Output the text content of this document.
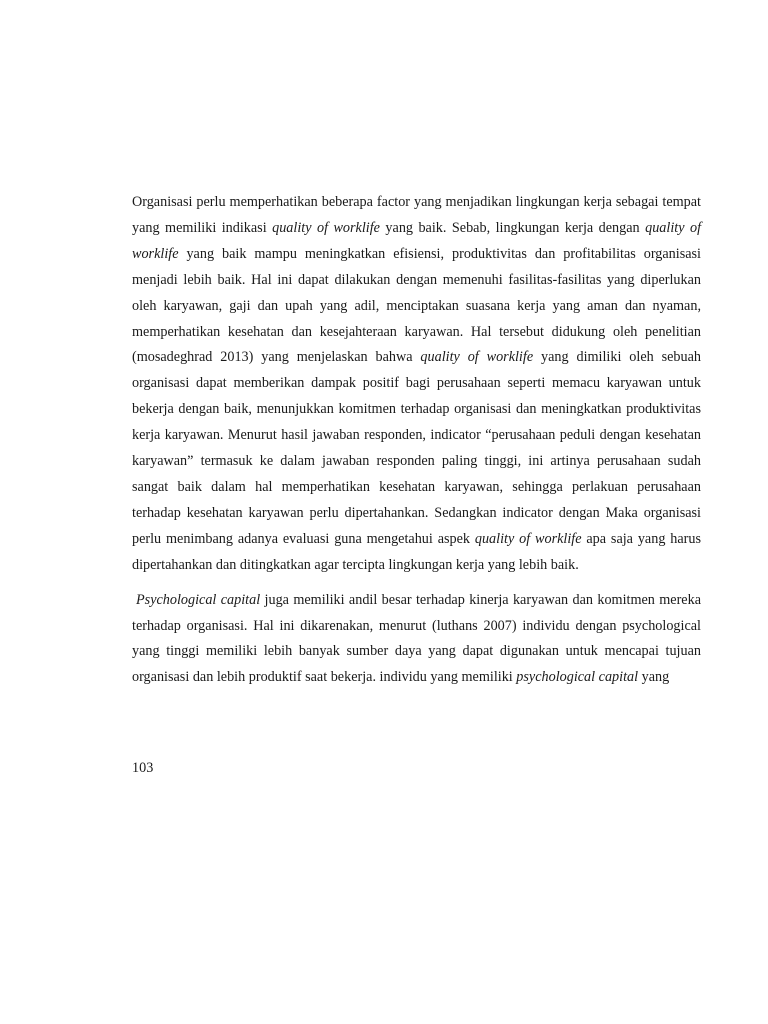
Organisasi perlu memperhatikan beberapa factor yang menjadikan lingkungan kerja sebagai tempat yang memiliki indikasi quality of worklife yang baik. Sebab, lingkungan kerja dengan quality of worklife yang baik mampu meningkatkan efisiensi, produktivitas dan profitabilitas organisasi menjadi lebih baik. Hal ini dapat dilakukan dengan memenuhi fasilitas-fasilitas yang diperlukan oleh karyawan, gaji dan upah yang adil, menciptakan suasana kerja yang aman dan nyaman, memperhatikan kesehatan dan kesejahteraan karyawan. Hal tersebut didukung oleh penelitian (mosadeghrad 2013) yang menjelaskan bahwa quality of worklife yang dimiliki oleh sebuah organisasi dapat memberikan dampak positif bagi perusahaan seperti memacu karyawan untuk bekerja dengan baik, menunjukkan komitmen terhadap organisasi dan meningkatkan produktivitas kerja karyawan. Menurut hasil jawaban responden, indicator “perusahaan peduli dengan kesehatan karyawan” termasuk ke dalam jawaban responden paling tinggi, ini artinya perusahaan sudah sangat baik dalam hal memperhatikan kesehatan karyawan, sehingga perlakuan perusahaan terhadap kesehatan karyawan perlu dipertahankan. Sedangkan indicator dengan Maka organisasi perlu menimbang adanya evaluasi guna mengetahui aspek quality of worklife apa saja yang harus dipertahankan dan ditingkatkan agar tercipta lingkungan kerja yang lebih baik.

Psychological capital juga memiliki andil besar terhadap kinerja karyawan dan komitmen mereka terhadap organisasi. Hal ini dikarenakan, menurut (luthans 2007) individu dengan psychological yang tinggi memiliki lebih banyak sumber daya yang dapat digunakan untuk mencapai tujuan organisasi dan lebih produktif saat bekerja. individu yang memiliki psychological capital yang

103
